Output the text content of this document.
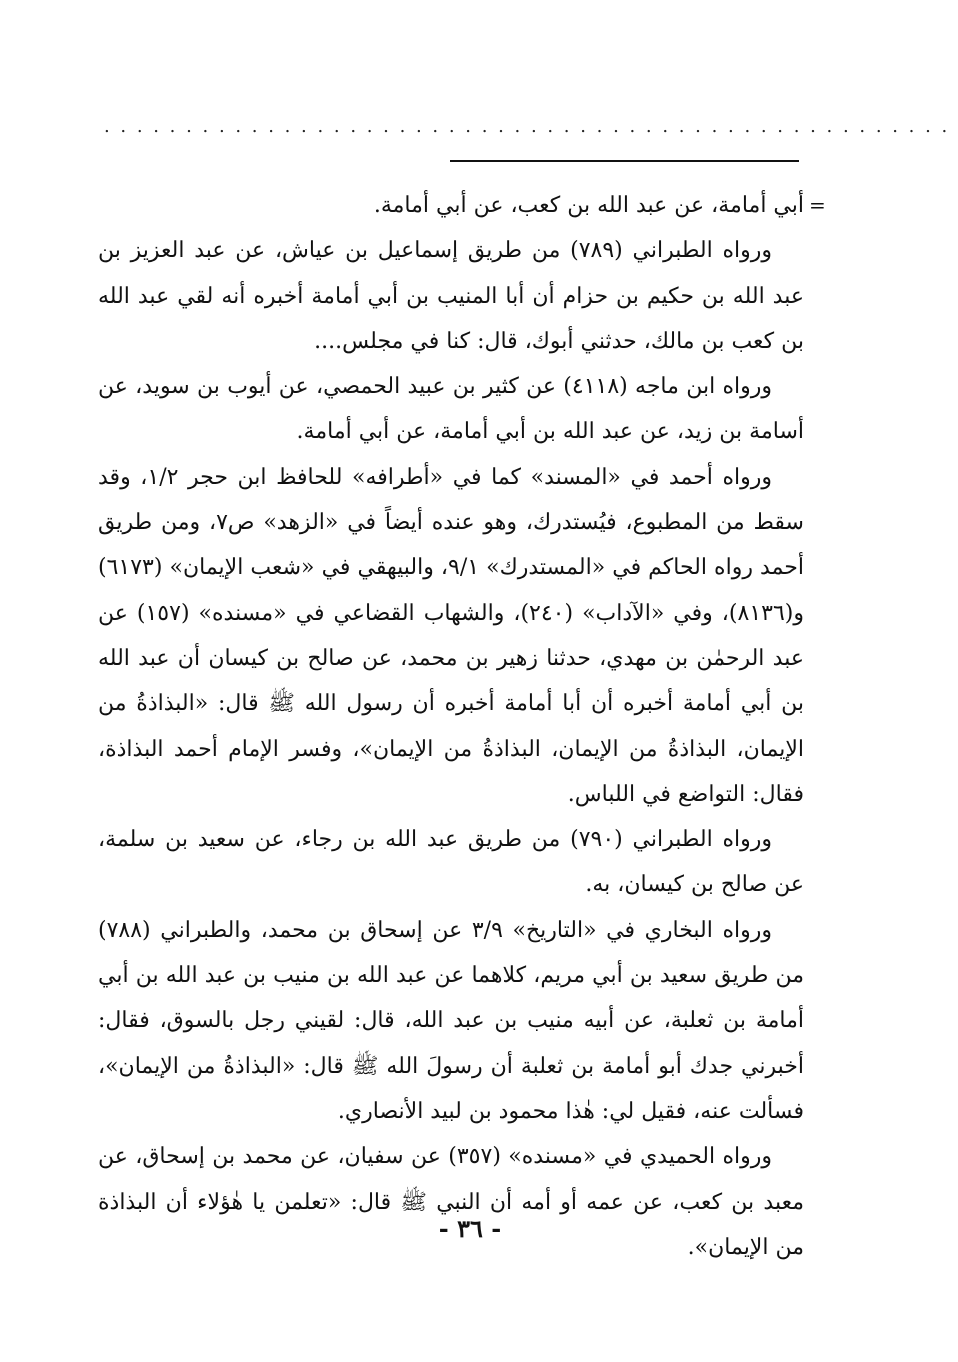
....................................................
=

أبي أمامة، عن عبد الله بن كعب، عن أبي أمامة.

ورواه الطبراني (٧٨٩) من طريق إسماعيل بن عياش، عن عبد العزيز بن عبد الله بن حكيم بن حزام أن أبا المنيب بن أبي أمامة أخبره أنه لقي عبد الله بن كعب بن مالك، حدثني أبوك، قال: كنا في مجلس....

ورواه ابن ماجه (٤١١٨) عن كثير بن عبيد الحمصي، عن أيوب بن سويد، عن أسامة بن زيد، عن عبد الله بن أبي أمامة، عن أبي أمامة.

ورواه أحمد في «المسند» كما في «أطرافه» للحافظ ابن حجر ١/٢، وقد سقط من المطبوع، فيُستدرك، وهو عنده أيضاً في «الزهد» ص٧، ومن طريق أحمد رواه الحاكم في «المستدرك» ٩/١، والبيهقي في «شعب الإيمان» (٦١٧٣) و(٨١٣٦)، وفي «الآداب» (٢٤٠)، والشهاب القضاعي في «مسنده» (١٥٧) عن عبد الرحمٰن بن مهدي، حدثنا زهير بن محمد، عن صالح بن كيسان أن عبد الله بن أبي أمامة أخبره أن أبا أمامة أخبره أن رسول الله ﷺ قال: «البذاذةُ من الإيمان، البذاذةُ من الإيمان، البذاذةُ من الإيمان»، وفسر الإمام أحمد البذاذة، فقال: التواضع في اللباس.

ورواه الطبراني (٧٩٠) من طريق عبد الله بن رجاء، عن سعيد بن سلمة، عن صالح بن كيسان، به.

ورواه البخاري في «التاريخ» ٣/٩ عن إسحاق بن محمد، والطبراني (٧٨٨) من طريق سعيد بن أبي مريم، كلاهما عن عبد الله بن منيب بن عبد الله بن أبي أمامة بن ثعلبة، عن أبيه منيب بن عبد الله، قال: لقيني رجل بالسوق، فقال: أخبرني جدك أبو أمامة بن ثعلبة أن رسولَ الله ﷺ قال: «البذاذةُ من الإيمان»، فسألت عنه، فقيل لي: هٰذا محمود بن لبيد الأنصاري.

ورواه الحميدي في «مسنده» (٣٥٧) عن سفيان، عن محمد بن إسحاق، عن معبد بن كعب، عن عمه أو أمه أن النبي ﷺ قال: «تعلمن يا هٰؤلاء أن البذاذة من الإيمان».

- ٣٦ -
